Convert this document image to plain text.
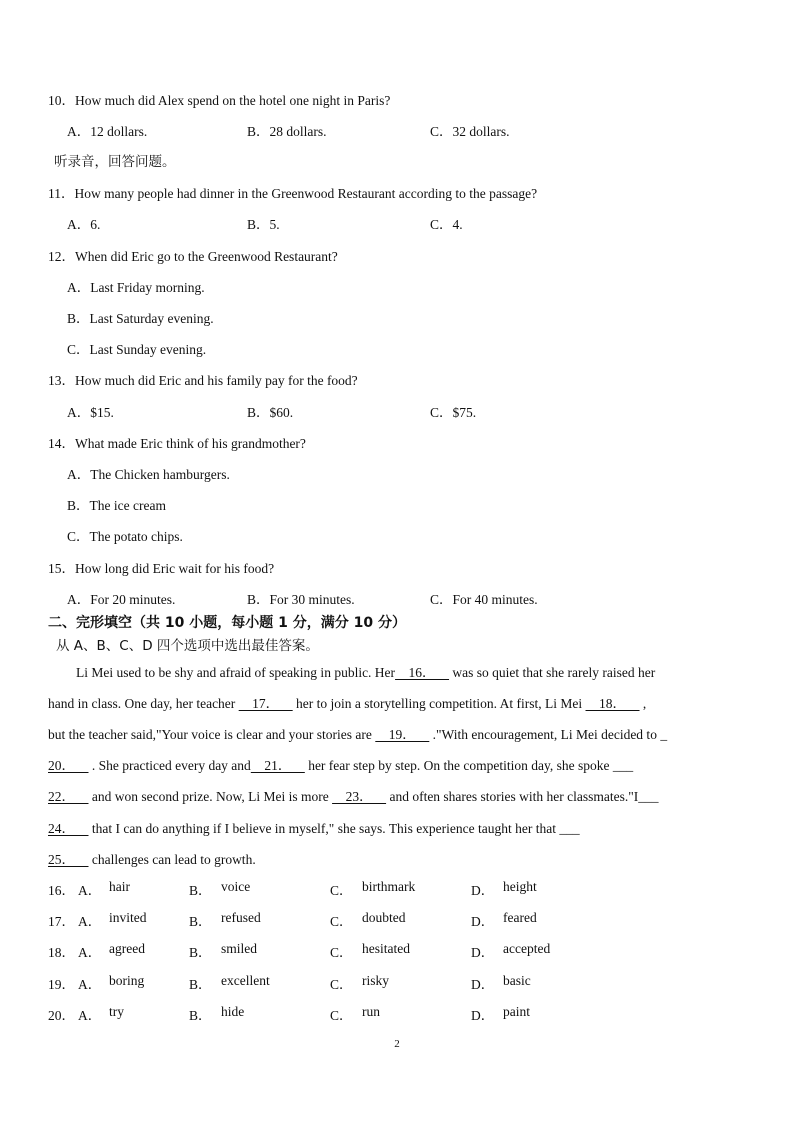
10．How much did Alex spend on the hotel one night in Paris?
A．12 dollars.	B．28 dollars.	C．32 dollars.
听录音，回答问题。
11．How many people had dinner in the Greenwood Restaurant according to the passage?
A．6.	B．5.	C．4.
12．When did Eric go to the Greenwood Restaurant?
A．Last Friday morning.
B．Last Saturday evening.
C．Last Sunday evening.
13．How much did Eric and his family pay for the food?
A．$15.	B．$60.	C．$75.
14．What made Eric think of his grandmother?
A．The Chicken hamburgers.
B．The ice cream
C．The potato chips.
15．How long did Eric wait for his food?
A．For 20 minutes.	B．For 30 minutes.	C．For 40 minutes.
二、完形填空（共 10 小题，每小题 1 分，满分 10 分）
从 A、B、C、D 四个选项中选出最佳答案。
Li Mei used to be shy and afraid of speaking in public. Her    16．     was so quiet that she rarely raised her
hand in class. One day, her teacher     17．     her to join a storytelling competition. At first, Li Mei     18．     ,
but the teacher said,"Your voice is clear and your stories are     19．     ."With encouragement, Li Mei decided to _
20．     . She practiced every day and    21．     her fear step by step. On the competition day, she spoke ___
22．     and won second prize. Now, Li Mei is more     23．     and often shares stories with her classmates."I___
24．     that I can do anything if I believe in myself," she says. This experience taught her that ___
25．     challenges can lead to growth.
16． A． hair	B． voice	C． birthmark	D． height
17． A． invited	B． refused	C． doubted	D． feared
18． A． agreed	B． smiled	C． hesitated	D． accepted
19． A． boring	B． excellent	C． risky	D． basic
20． A． try	B． hide	C． run	D． paint
2
